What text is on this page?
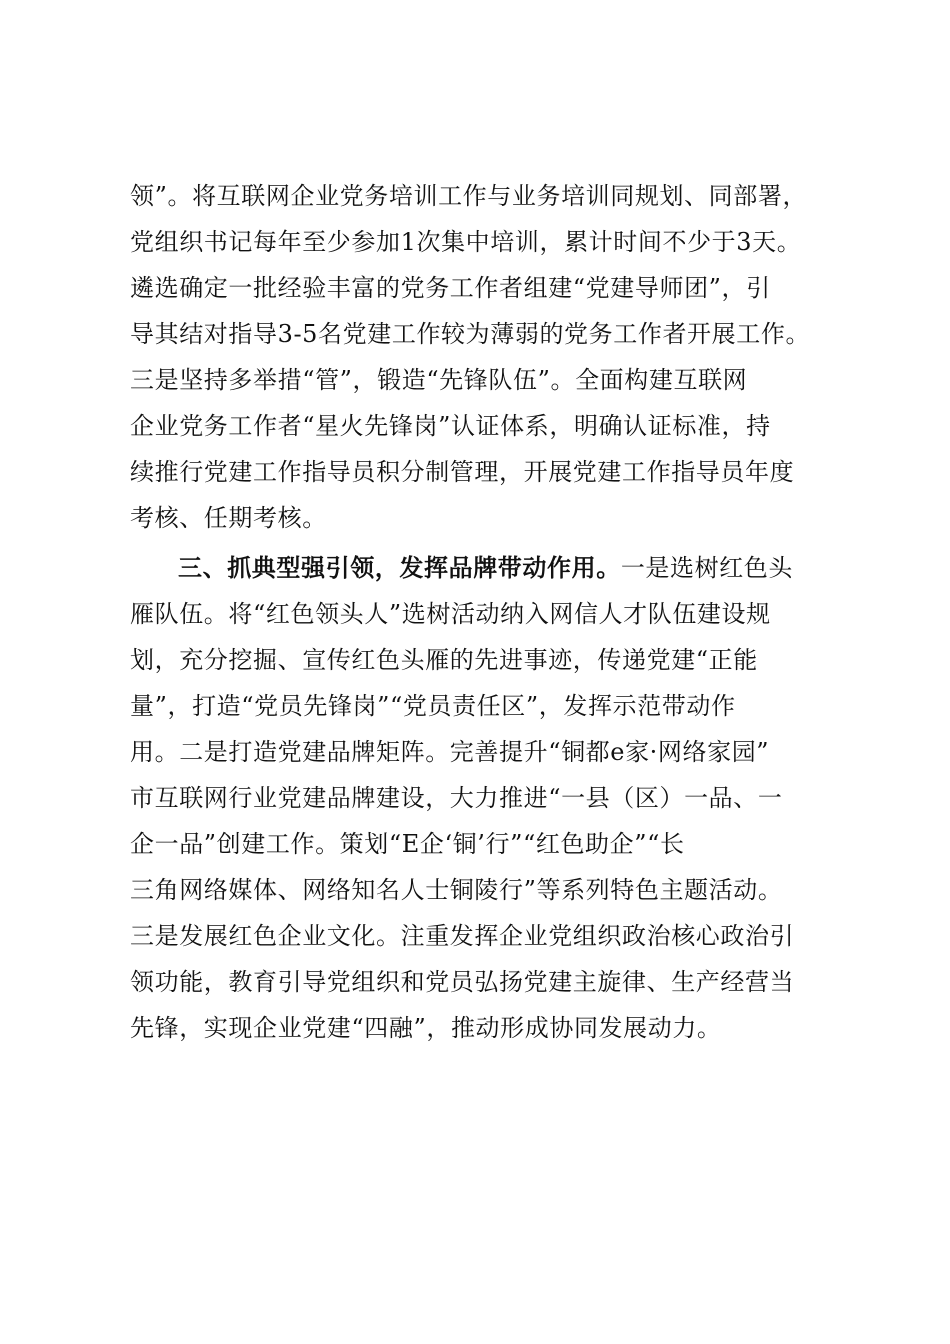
领”。将互联网企业党务培训工作与业务培训同规划、同部署，
党组织书记每年至少参加1次集中培训，累计时间不少于3天。
遴选确定一批经验丰富的党务工作者组建“党建导师团”，引
导其结对指导3-5名党建工作较为薄弱的党务工作者开展工作。
三是坚持多举措“管”，锻造“先锋队伍”。全面构建互联网
企业党务工作者“星火先锋岗”认证体系，明确认证标准，持
续推行党建工作指导员积分制管理，开展党建工作指导员年度
考核、任期考核。
三、抓典型强引领，发挥品牌带动作用。一是选树红色头
雁队伍。将“红色领头人”选树活动纳入网信人才队伍建设规
划，充分挖掘、宣传红色头雁的先进事迹，传递党建“正能
量”，打造“党员先锋岗”“党员责任区”，发挥示范带动作
用。二是打造党建品牌矩阵。完善提升“铜都e家·网络家园”
市互联网行业党建品牌建设，大力推进“一县（区）一品、一
企一品”创建工作。策划“E企‘铜’行”“红色助企”“长
三角网络媒体、网络知名人士铜陵行”等系列特色主题活动。
三是发展红色企业文化。注重发挥企业党组织政治核心政治引
领功能，教育引导党组织和党员弘扬党建主旋律、生产经营当
先锋，实现企业党建“四融”，推动形成协同发展动力。
